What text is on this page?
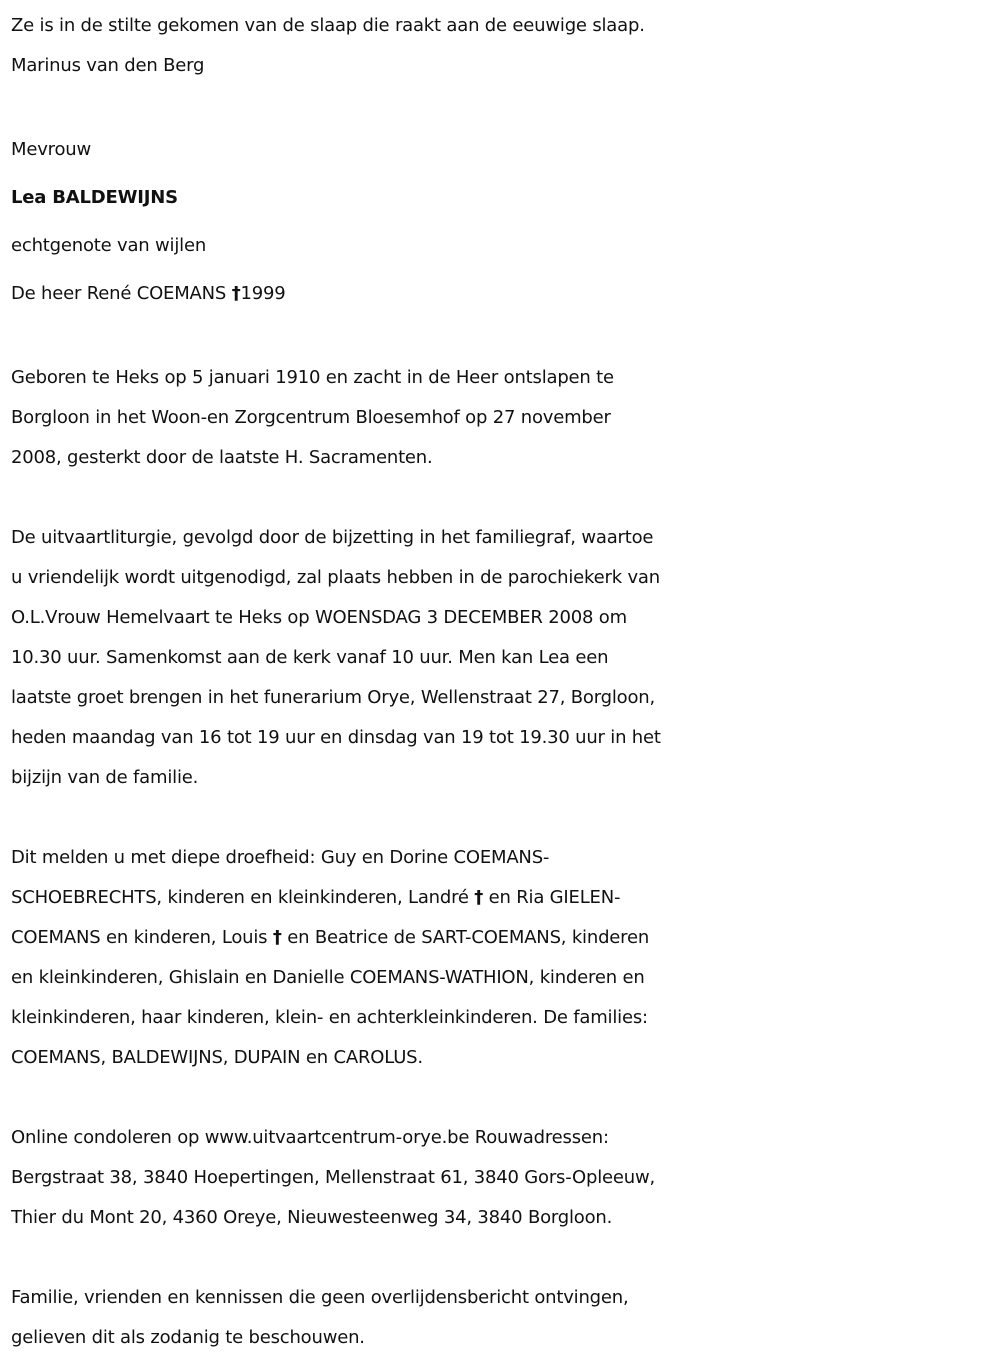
Ze is in de stilte gekomen van de slaap die raakt aan de eeuwige slaap.
Marinus van den Berg
Mevrouw
Lea BALDEWIJNS
echtgenote van wijlen
De heer René COEMANS †1999
Geboren te Heks op 5 januari 1910 en zacht in de Heer ontslapen te
Borgloon in het Woon-en Zorgcentrum Bloesemhof op 27 november
2008, gesterkt door de laatste H. Sacramenten.
De uitvaartliturgie, gevolgd door de bijzetting in het familiegraf, waartoe
u vriendelijk wordt uitgenodigd, zal plaats hebben in de parochiekerk van
O.L.Vrouw Hemelvaart te Heks op WOENSDAG 3 DECEMBER 2008 om
10.30 uur. Samenkomst aan de kerk vanaf 10 uur. Men kan Lea een
laatste groet brengen in het funerarium Orye, Wellenstraat 27, Borgloon,
heden maandag van 16 tot 19 uur en dinsdag van 19 tot 19.30 uur in het
bijzijn van de familie.
Dit melden u met diepe droefheid: Guy en Dorine COEMANS-
SCHOEBRECHTS, kinderen en kleinkinderen, Landré † en Ria GIELEN-
COEMANS en kinderen, Louis † en Beatrice de SART-COEMANS, kinderen
en kleinkinderen, Ghislain en Danielle COEMANS-WATHION, kinderen en
kleinkinderen, haar kinderen, klein- en achterkleinkinderen. De families:
COEMANS, BALDEWIJNS, DUPAIN en CAROLUS.
Online condoleren op www.uitvaartcentrum-orye.be Rouwadressen:
Bergstraat 38, 3840 Hoepertingen, Mellenstraat 61, 3840 Gors-Opleeuw,
Thier du Mont 20, 4360 Oreye, Nieuwesteenweg 34, 3840 Borgloon.
Familie, vrienden en kennissen die geen overlijdensbericht ontvingen,
gelieven dit als zodanig te beschouwen.
